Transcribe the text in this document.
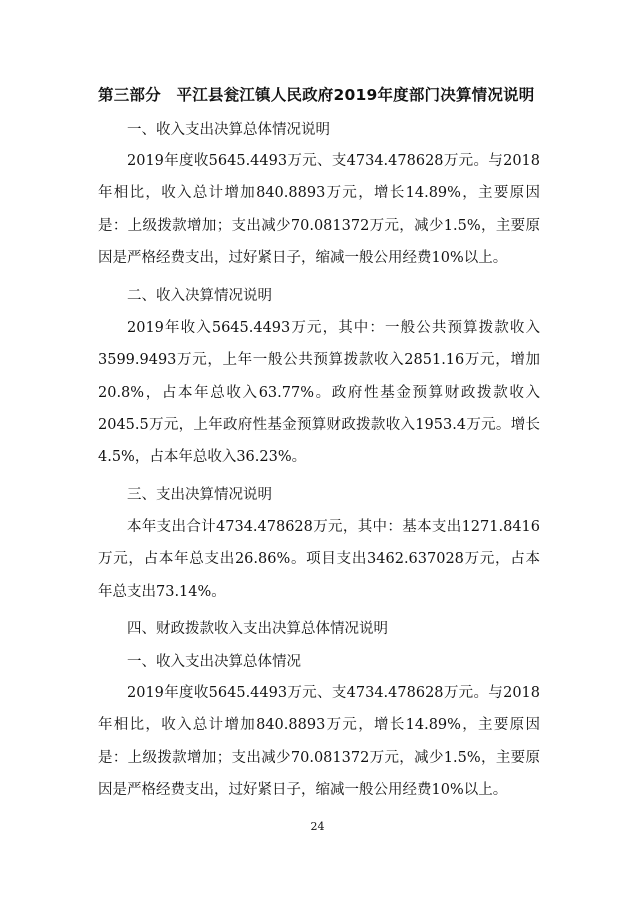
第三部分　平江县瓮江镇人民政府2019年度部门决算情况说明
一、收入支出决算总体情况说明

2019年度收5645.4493万元、支4734.478628万元。与2018年相比，收入总计增加840.8893万元，增长14.89%，主要原因是：上级拨款增加；支出减少70.081372万元，减少1.5%，主要原因是严格经费支出，过好紧日子，缩减一般公用经费10%以上。

二、收入决算情况说明

2019年收入5645.4493万元，其中：一般公共预算拨款收入3599.9493万元，上年一般公共预算拨款收入2851.16万元，增加20.8%，占本年总收入63.77%。政府性基金预算财政拨款收入2045.5万元，上年政府性基金预算财政拨款收入1953.4万元。增长4.5%，占本年总收入36.23%。

三、支出决算情况说明

本年支出合计4734.478628万元，其中：基本支出1271.8416万元，占本年总支出26.86%。项目支出3462.637028万元，占本年总支出73.14%。

四、财政拨款收入支出决算总体情况说明
一、收入支出决算总体情况

2019年度收5645.4493万元、支4734.478628万元。与2018年相比，收入总计增加840.8893万元，增长14.89%，主要原因是：上级拨款增加；支出减少70.081372万元，减少1.5%，主要原因是严格经费支出，过好紧日子，缩减一般公用经费10%以上。

24
